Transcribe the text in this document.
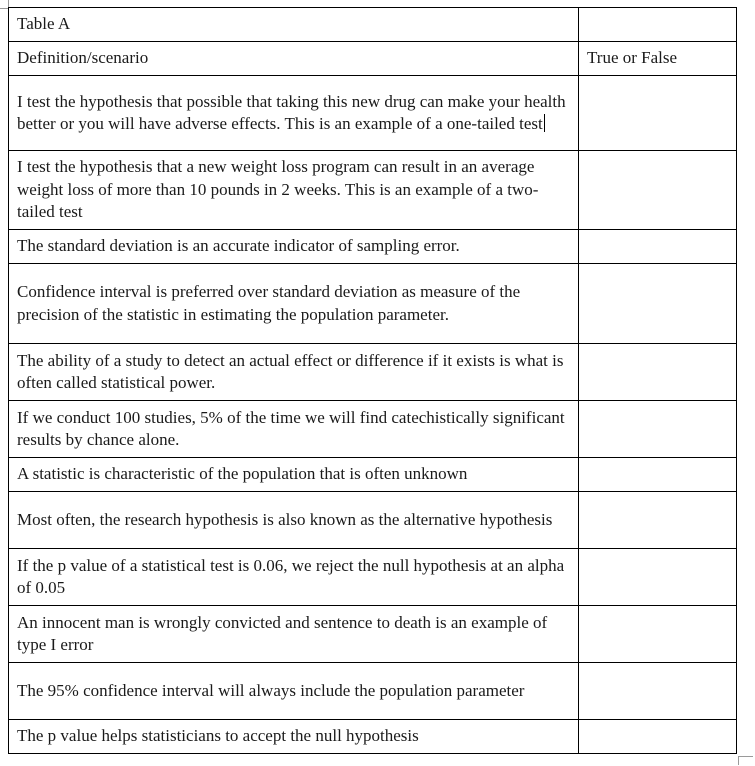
Table A	
Definition/scenario	True or False
I test the hypothesis that possible that taking this new drug can make your health better or you will have adverse effects. This is an example of a one-tailed test	
I test the hypothesis that a new weight loss program can result in an average weight loss of more than 10 pounds in 2 weeks. This is an example of a two-tailed test	
The standard deviation is an accurate indicator of sampling error.	
Confidence interval is preferred over standard deviation as measure of the precision of the statistic in estimating the population parameter.	
The ability of a study to detect an actual effect or difference if it exists is what is often called statistical power.	
If we conduct 100 studies, 5% of the time we will find catechistically significant results by chance alone.	
A statistic is characteristic of the population that is often unknown	
Most often, the research hypothesis is also known as the alternative hypothesis	
If the p value of a statistical test is 0.06, we reject the null hypothesis at an alpha of 0.05	
An innocent man is wrongly convicted and sentence to death is an example of type I error	
The 95% confidence interval will always include the population parameter	
The p value helps statisticians to accept the null hypothesis	
